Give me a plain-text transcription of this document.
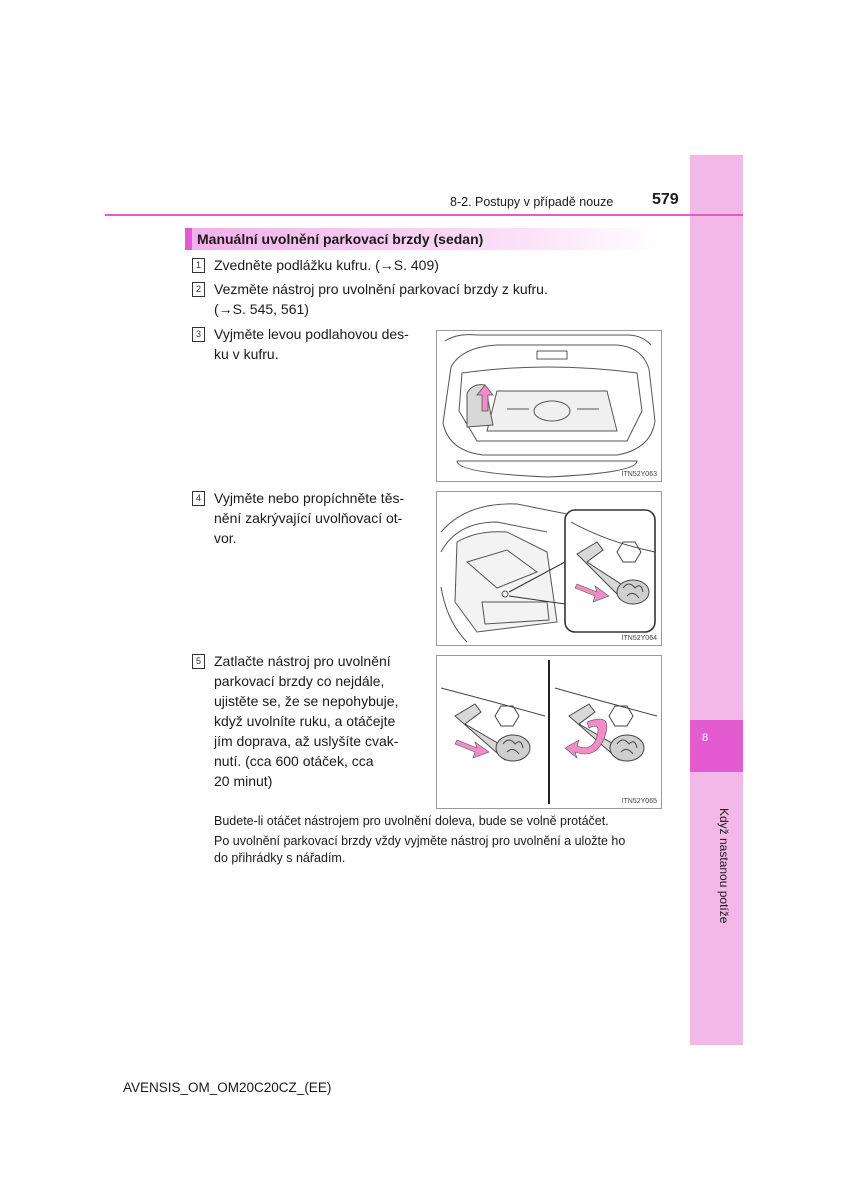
8
Když nastanou potíže
8-2. Postupy v případě nouze 579
Manuální uvolnění parkovací brzdy (sedan)
1 Zvedněte podlážku kufru. (→S. 409)
2 Vezměte nástroj pro uvolnění parkovací brzdy z kufru.
(→S. 545, 561)
3 Vyjměte levou podlahovou des-
ku v kufru.
ITN52Y063
4 Vyjměte nebo propíchněte těs-
nění zakrývající uvolňovací ot-
vor.
ITN52Y064
5 Zatlačte nástroj pro uvolnění
parkovací brzdy co nejdále,
ujistěte se, že se nepohybuje,
když uvolníte ruku, a otáčejte
jím doprava, až uslyšíte cvak-
nutí. (cca 600 otáček, cca
20 minut)
ITN52Y065
Budete-li otáčet nástrojem pro uvolnění doleva, bude se volně protáčet.
Po uvolnění parkovací brzdy vždy vyjměte nástroj pro uvolnění a uložte ho
do přihrádky s nářadím.
AVENSIS_OM_OM20C20CZ_(EE)
